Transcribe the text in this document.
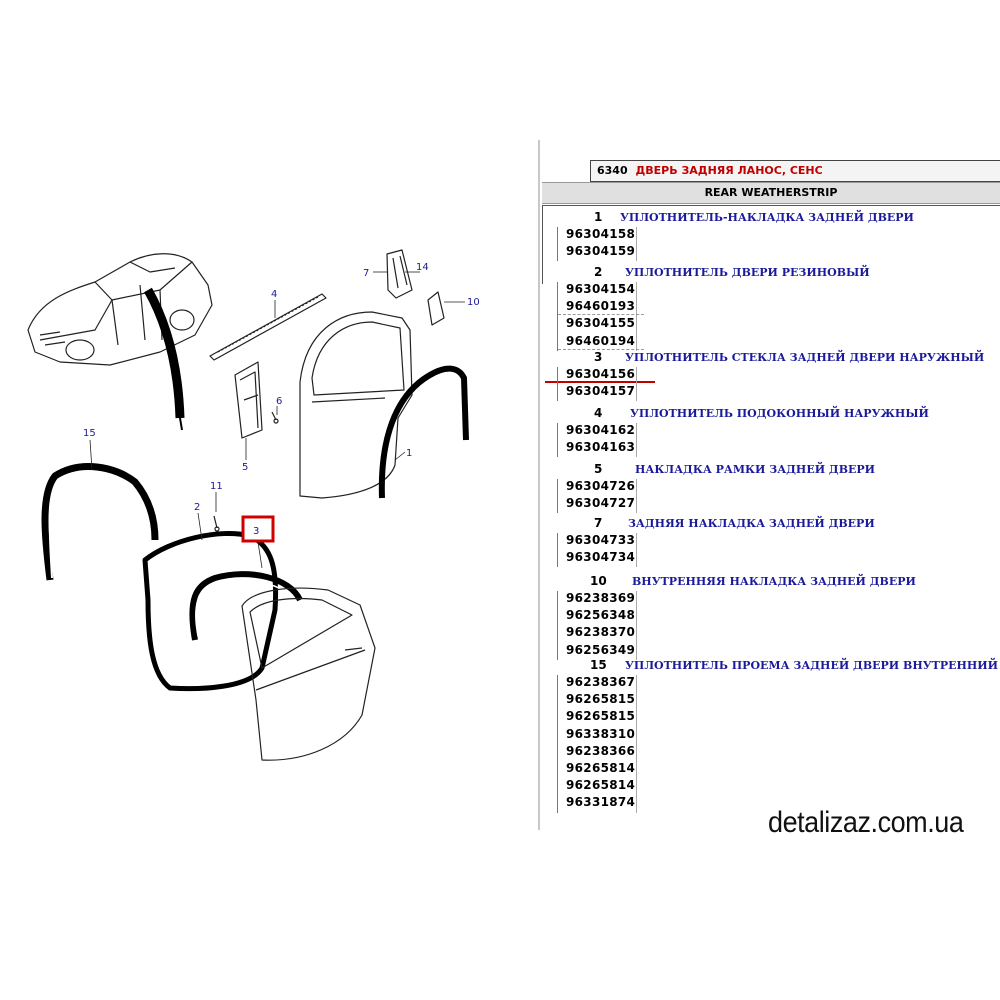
15
2
11
5
6
4
7
14
10
1
3
6340 ДВЕРЬ ЗАДНЯЯ ЛАНОС, СЕНС
REAR WEATHERSTRIP
detalizaz.com.ua
1 УПЛОТНИТЕЛЬ-НАКЛАДКА ЗАДНЕЙ ДВЕРИ
96304158
96304159
2 УПЛОТНИТЕЛЬ ДВЕРИ РЕЗИНОВЫЙ
96304154
96460193
96304155
96460194
3 УПЛОТНИТЕЛЬ СТЕКЛА ЗАДНЕЙ ДВЕРИ НАРУЖНЫЙ
96304156
96304157
4	УПЛОТНИТЕЛЬ ПОДОКОННЫЙ НАРУЖНЫЙ
96304162
96304163
5	НАКЛАДКА РАМКИ ЗАДНЕЙ ДВЕРИ
96304726
96304727
7 ЗАДНЯЯ НАКЛАДКА ЗАДНЕЙ ДВЕРИ
96304733
96304734
10 ВНУТРЕННЯЯ НАКЛАДКА ЗАДНЕЙ ДВЕРИ
96238369
96256348
96238370
96256349
15 УПЛОТНИТЕЛЬ ПРОЕМА ЗАДНЕЙ ДВЕРИ ВНУТРЕННИЙ
96238367
96265815
96265815
96338310
96238366
96265814
96265814
96331874
